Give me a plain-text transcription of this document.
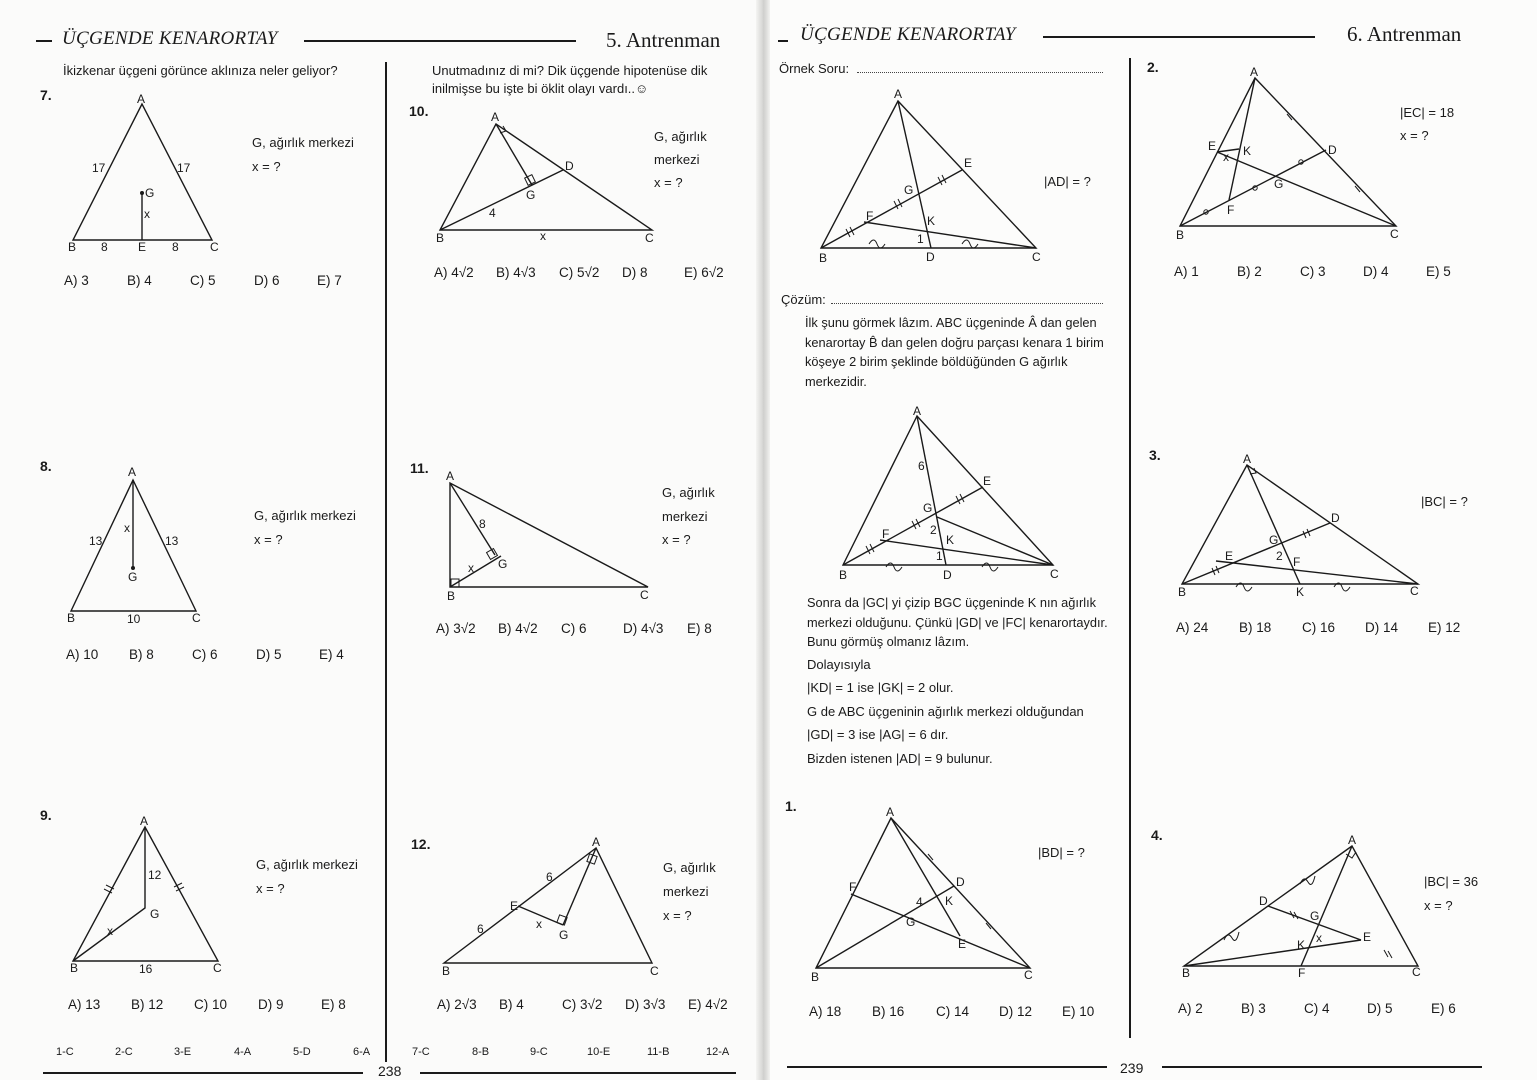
ÜÇGENDE KENARORTAY	5. Antrenman
İkizkenar üçgeni görünce aklınıza neler geliyor?	Unutmadınız di mi? Dik üçgende hipotenüse dik
inilmişse bu işte bi öklit olayı vardı..☺
7.	A
B	C
E
G
x
17	17
8	8
G, ağırlık merkezi
x = ?
A) 3	B) 4	C) 5	D) 6	E) 7
8.	A
B	C
G
x
13	13
10
G, ağırlık merkezi
x = ?
A) 10 B) 8	C) 6	D) 5	E) 4
9.	A
B	C
G
x
12
16
G, ağırlık merkezi
x = ?
A) 13 B) 12 C) 10 D) 9	E) 8
10.	A
B	C
D
G
x
4
G, ağırlık
merkezi
x = ?
A) 4√2 B) 4√3 C) 5√2 D) 8	E) 6√2
11. A
B	C
G
x
8
G, ağırlık
merkezi
x = ?
A) 3√2 B) 4√2 C) 6	D) 4√3 E) 8
12.	A
B	C
E
G
x
6
6
G, ağırlık
merkezi
x = ?
A) 2√3 B) 4	C) 3√2 D) 3√3 E) 4√2
1-C	2-C	3-E	4-A	5-D	6-A	7-C	8-B	9-C	10-E	11-B	12-A
238
ÜÇGENDE KENARORTAY	6. Antrenman
Örnek Soru:
A
B	C
D
E
F
G
K
1
|AD| = ?
Çözüm:
İlk şunu görmek lâzım. ABC üçgeninde Â dan gelen kenarortay B̂ dan gelen doğru parçası kenara 1 birim köşeye 2 birim şeklinde böldüğünden G ağırlık merkezidir.
A
B	C
D
E
F
G
K
6
2
1
Sonra da |GC| yi çizip BGC üçgeninde K nın ağırlık merkezi olduğunu. Çünkü |GD| ve |FC| kenarortaydır. Bunu görmüş olmanız lâzım.
Dolayısıyla
|KD| = 1 ise |GK| = 2 olur.
G de ABC üçgeninin ağırlık merkezi olduğundan
|GD| = 3 ise |AG| = 6 dır.
Bizden istenen |AD| = 9 bulunur.
1.	A
B	C
D
E
F
G
K
4
|BD| = ?
A) 18 B) 16 C) 14 D) 12 E) 10
2.	A
B	C
D
E
F
G
K
x
|EC| = 18
x = ?
A) 1	B) 2	C) 3	D) 4	E) 5
3.	A
B	C
D
E	F
G
K
2
|BC| = ?
A) 24 B) 18 C) 16 D) 14 E) 12
4.	A
B	C
D
E
F
G
K x
|BC| = 36
x = ?
A) 2	B) 3	C) 4	D) 5	E) 6
239
